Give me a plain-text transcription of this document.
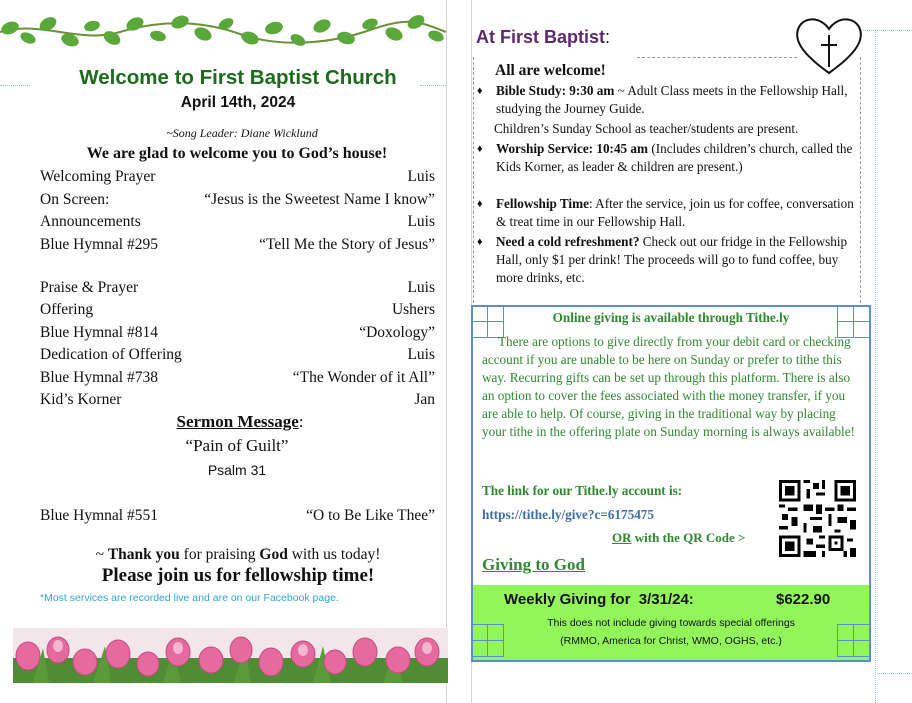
Welcome to First Baptist Church
April 14th, 2024
~Song Leader: Diane Wicklund
We are glad to welcome you to God’s house!
Welcoming Prayer	Luis
On Screen:	“Jesus is the Sweetest Name I know”
Announcements	Luis
Blue Hymnal #295	“Tell Me the Story of Jesus”
Praise & Prayer	Luis
Offering	Ushers
Blue Hymnal #814	“Doxology”
Dedication of Offering	Luis
Blue Hymnal #738	“The Wonder of it All”
Kid’s Korner	Jan
Sermon Message:
“Pain of Guilt”
Psalm 31
Blue Hymnal #551	“O to Be Like Thee”
~ Thank you for praising God with us today!
Please join us for fellowship time!
*Most services are recorded live and are on our Facebook page.
At First Baptist:
All are welcome!
♦ Bible Study: 9:30 am ~ Adult Class meets in the Fellowship Hall, studying the Journey Guide.
♦ Worship Service: 10:45 am (Includes children’s church, called the Kids Korner, as leader & children are present.)
♦ Fellowship Time: After the service, join us for coffee, conversation & treat time in our Fellowship Hall.
♦ Need a cold refreshment? Check out our fridge in the Fellowship Hall, only $1 per drink! The proceeds will go to fund coffee, buy more drinks, etc.
Children’s Sunday School as teacher/students are present.
Online giving is available through Tithe.ly
There are options to give directly from your debit card or checking account if you are unable to be here on Sunday or prefer to tithe this way. Recurring gifts can be set up through this platform. There is also an option to cover the fees associated with the money transfer, if you are able to help. Of course, giving in the traditional way by placing your tithe in the offering plate on Sunday morning is always available!
The link for our Tithe.ly account is:
https://tithe.ly/give?c=6175475
OR with the QR Code >
Giving to God
Weekly Giving for  3/31/24:	$622.90
This does not include giving towards special offerings
(RMMO, America for Christ, WMO, OGHS, etc.)
